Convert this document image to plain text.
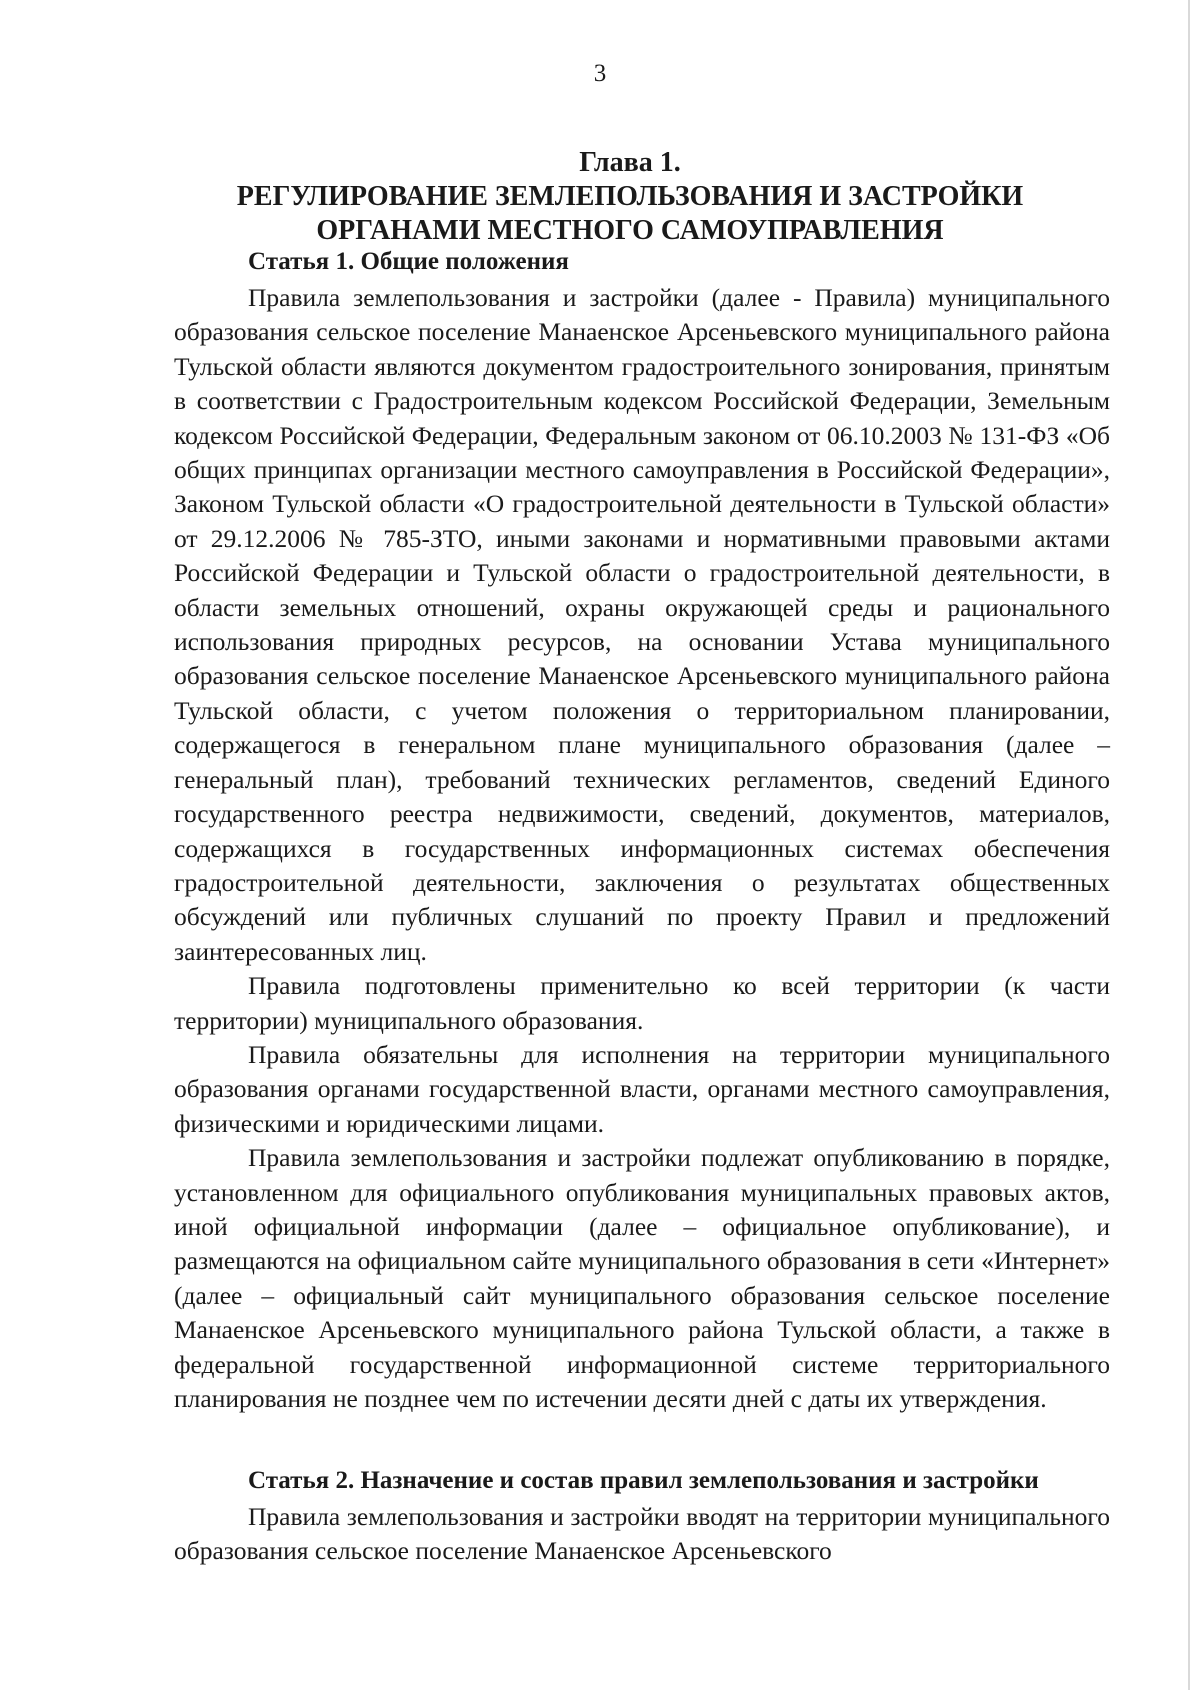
3
Глава 1.
РЕГУЛИРОВАНИЕ ЗЕМЛЕПОЛЬЗОВАНИЯ И ЗАСТРОЙКИ
ОРГАНАМИ МЕСТНОГО САМОУПРАВЛЕНИЯ
Статья 1. Общие положения

Правила землепользования и застройки (далее - Правила) муниципального образования сельское поселение Манаенское Арсеньевского муниципального района Тульской области являются документом градостроительного зонирования, принятым в соответствии с Градостроительным кодексом Российской Федерации, Земельным кодексом Российской Федерации, Федеральным законом от 06.10.2003 № 131-ФЗ «Об общих принципах организации местного самоуправления в Российской Федерации», Законом Тульской области «О градостроительной деятельности в Тульской области» от 29.12.2006 № 785-ЗТО, иными законами и нормативными правовыми актами Российской Федерации и Тульской области о градостроительной деятельности, в области земельных отношений, охраны окружающей среды и рационального использования природных ресурсов, на основании Устава муниципального образования сельское поселение Манаенское Арсеньевского муниципального района Тульской области, с учетом положения о территориальном планировании, содержащегося в генеральном плане муниципального образования (далее – генеральный план), требований технических регламентов, сведений Единого государственного реестра недвижимости, сведений, документов, материалов, содержащихся в государственных информационных системах обеспечения градостроительной деятельности, заключения о результатах общественных обсуждений или публичных слушаний по проекту Правил и предложений заинтересованных лиц.

Правила подготовлены применительно ко всей территории (к части территории) муниципального образования.

Правила обязательны для исполнения на территории муниципального образования органами государственной власти, органами местного самоуправления, физическими и юридическими лицами.

Правила землепользования и застройки подлежат опубликованию в порядке, установленном для официального опубликования муниципальных правовых актов, иной официальной информации (далее – официальное опубликование), и размещаются на официальном сайте муниципального образования в сети «Интернет» (далее – официальный сайт муниципального образования сельское поселение Манаенское Арсеньевского муниципального района Тульской области, а также в федеральной государственной информационной системе территориального планирования не позднее чем по истечении десяти дней с даты их утверждения.

Статья 2. Назначение и состав правил землепользования и застройки

Правила землепользования и застройки вводят на территории муниципального образования сельское поселение Манаенское Арсеньевского
